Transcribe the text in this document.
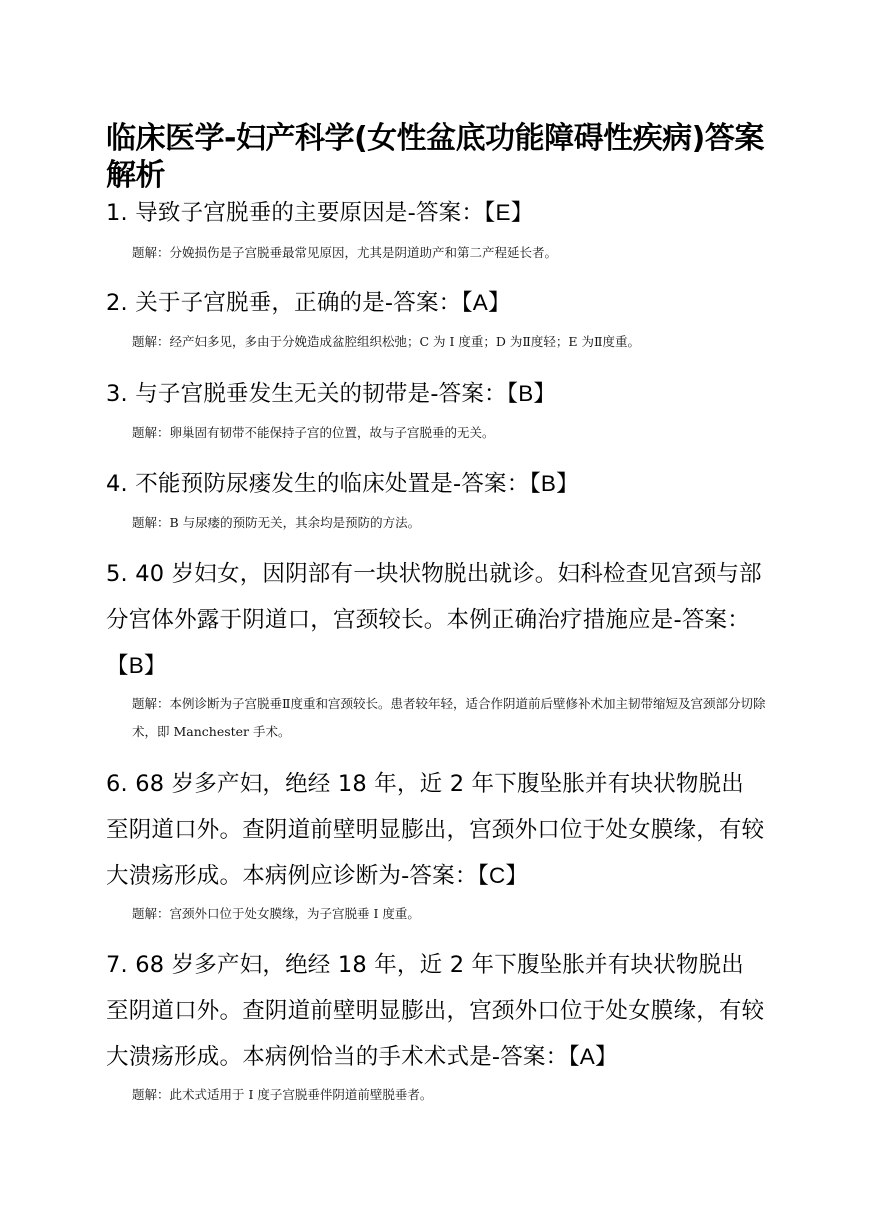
临床医学-妇产科学(女性盆底功能障碍性疾病)答案解析

1. 导致子宫脱垂的主要原因是-答案：【E】

题解：分娩损伤是子宫脱垂最常见原因，尤其是阴道助产和第二产程延长者。

2. 关于子宫脱垂，正确的是-答案：【A】

题解：经产妇多见，多由于分娩造成盆腔组织松弛；C 为 I 度重；D 为Ⅱ度轻；E 为Ⅱ度重。

3. 与子宫脱垂发生无关的韧带是-答案：【B】

题解：卵巢固有韧带不能保持子宫的位置，故与子宫脱垂的无关。

4. 不能预防尿瘘发生的临床处置是-答案：【B】

题解：B 与尿瘘的预防无关，其余均是预防的方法。

5. 40 岁妇女，因阴部有一块状物脱出就诊。妇科检查见宫颈与部分宫体外露于阴道口，宫颈较长。本例正确治疗措施应是-答案：【B】

题解：本例诊断为子宫脱垂Ⅱ度重和宫颈较长。患者较年轻，适合作阴道前后壁修补术加主韧带缩短及宫颈部分切除术，即 Manchester 手术。

6. 68 岁多产妇，绝经 18 年，近 2 年下腹坠胀并有块状物脱出至阴道口外。查阴道前壁明显膨出，宫颈外口位于处女膜缘，有较大溃疡形成。本病例应诊断为-答案：【C】

题解：宫颈外口位于处女膜缘，为子宫脱垂 I 度重。

7. 68 岁多产妇，绝经 18 年，近 2 年下腹坠胀并有块状物脱出至阴道口外。查阴道前壁明显膨出，宫颈外口位于处女膜缘，有较大溃疡形成。本病例恰当的手术术式是-答案：【A】

题解：此术式适用于 I 度子宫脱垂伴阴道前壁脱垂者。
